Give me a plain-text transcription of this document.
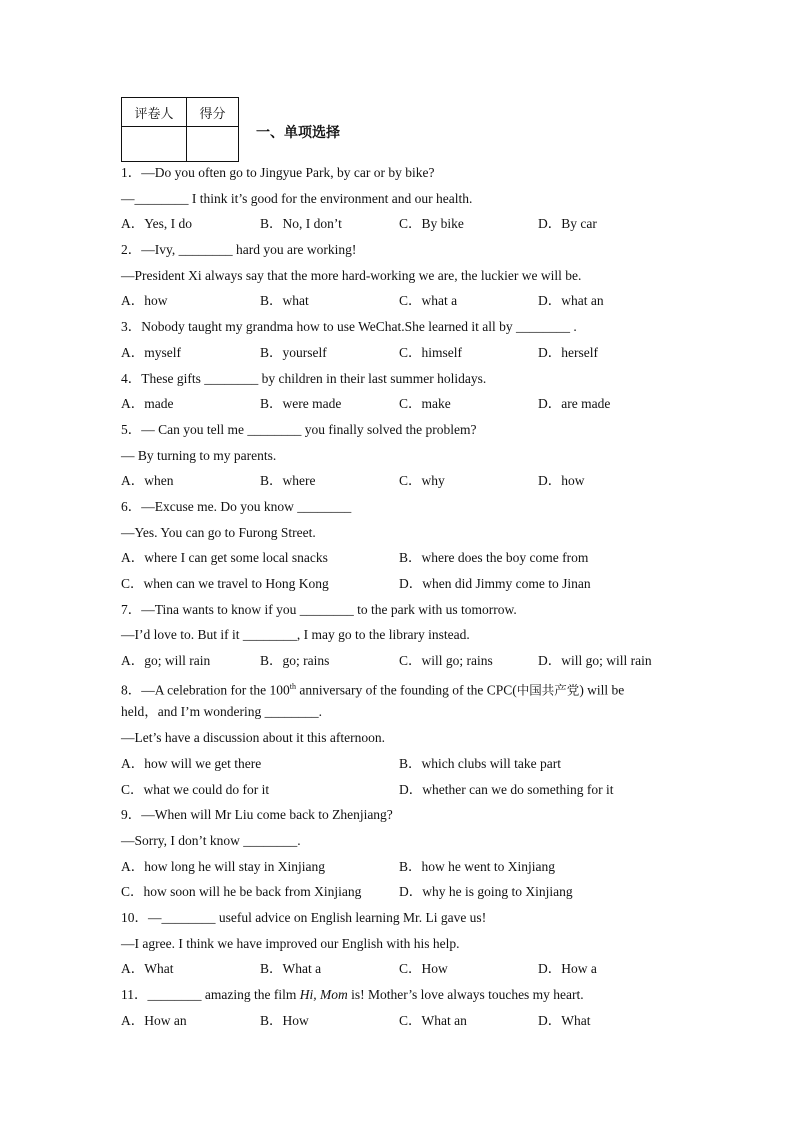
评卷人	得分

一、单项选择
1．—Do you often go to Jingyue Park, by car or by bike?
—________ I think it’s good for the environment and our health.
A．Yes, I do	B．No, I don’t	C．By bike	D．By car
2．—Ivy, ________ hard you are working!
—President Xi always say that the more hard-working we are, the luckier we will be.
A．how	B．what	C．what a	D．what an
3．Nobody taught my grandma how to use WeChat.She learned it all by ________ .
A．myself	B．yourself	C．himself	D．herself
4．These gifts ________ by children in their last summer holidays.
A．made	B．were made	C．make	D．are made
5．— Can you tell me ________ you finally solved the problem?
— By turning to my parents.
A．when	B．where	C．why	D．how
6．—Excuse me. Do you know ________
—Yes. You can go to Furong Street.
A．where I can get some local snacks	B．where does the boy come from
C．when can we travel to Hong Kong	D．when did Jimmy come to Jinan
7．—Tina wants to know if you ________ to the park with us tomorrow.
—I’d love to. But if it ________, I may go to the library instead.
A．go; will rain	B．go; rains	C．will go; rains	D．will go; will rain
8．—A celebration for the 100th anniversary of the founding of the CPC(中国共产党) will be
held，and I’m wondering ________.
—Let’s have a discussion about it this afternoon.
A．how will we get there	B．which clubs will take part
C．what we could do for it	D．whether can we do something for it
9．—When will Mr Liu come back to Zhenjiang?
—Sorry, I don’t know ________.
A．how long he will stay in Xinjiang	B．how he went to Xinjiang
C．how soon will he be back from Xinjiang	D．why he is going to Xinjiang
10．—________ useful advice on English learning Mr. Li gave us!
—I agree. I think we have improved our English with his help.
A．What	B．What a	C．How	D．How a
11．________ amazing the film Hi, Mom is! Mother’s love always touches my heart.
A．How an	B．How	C．What an	D．What
